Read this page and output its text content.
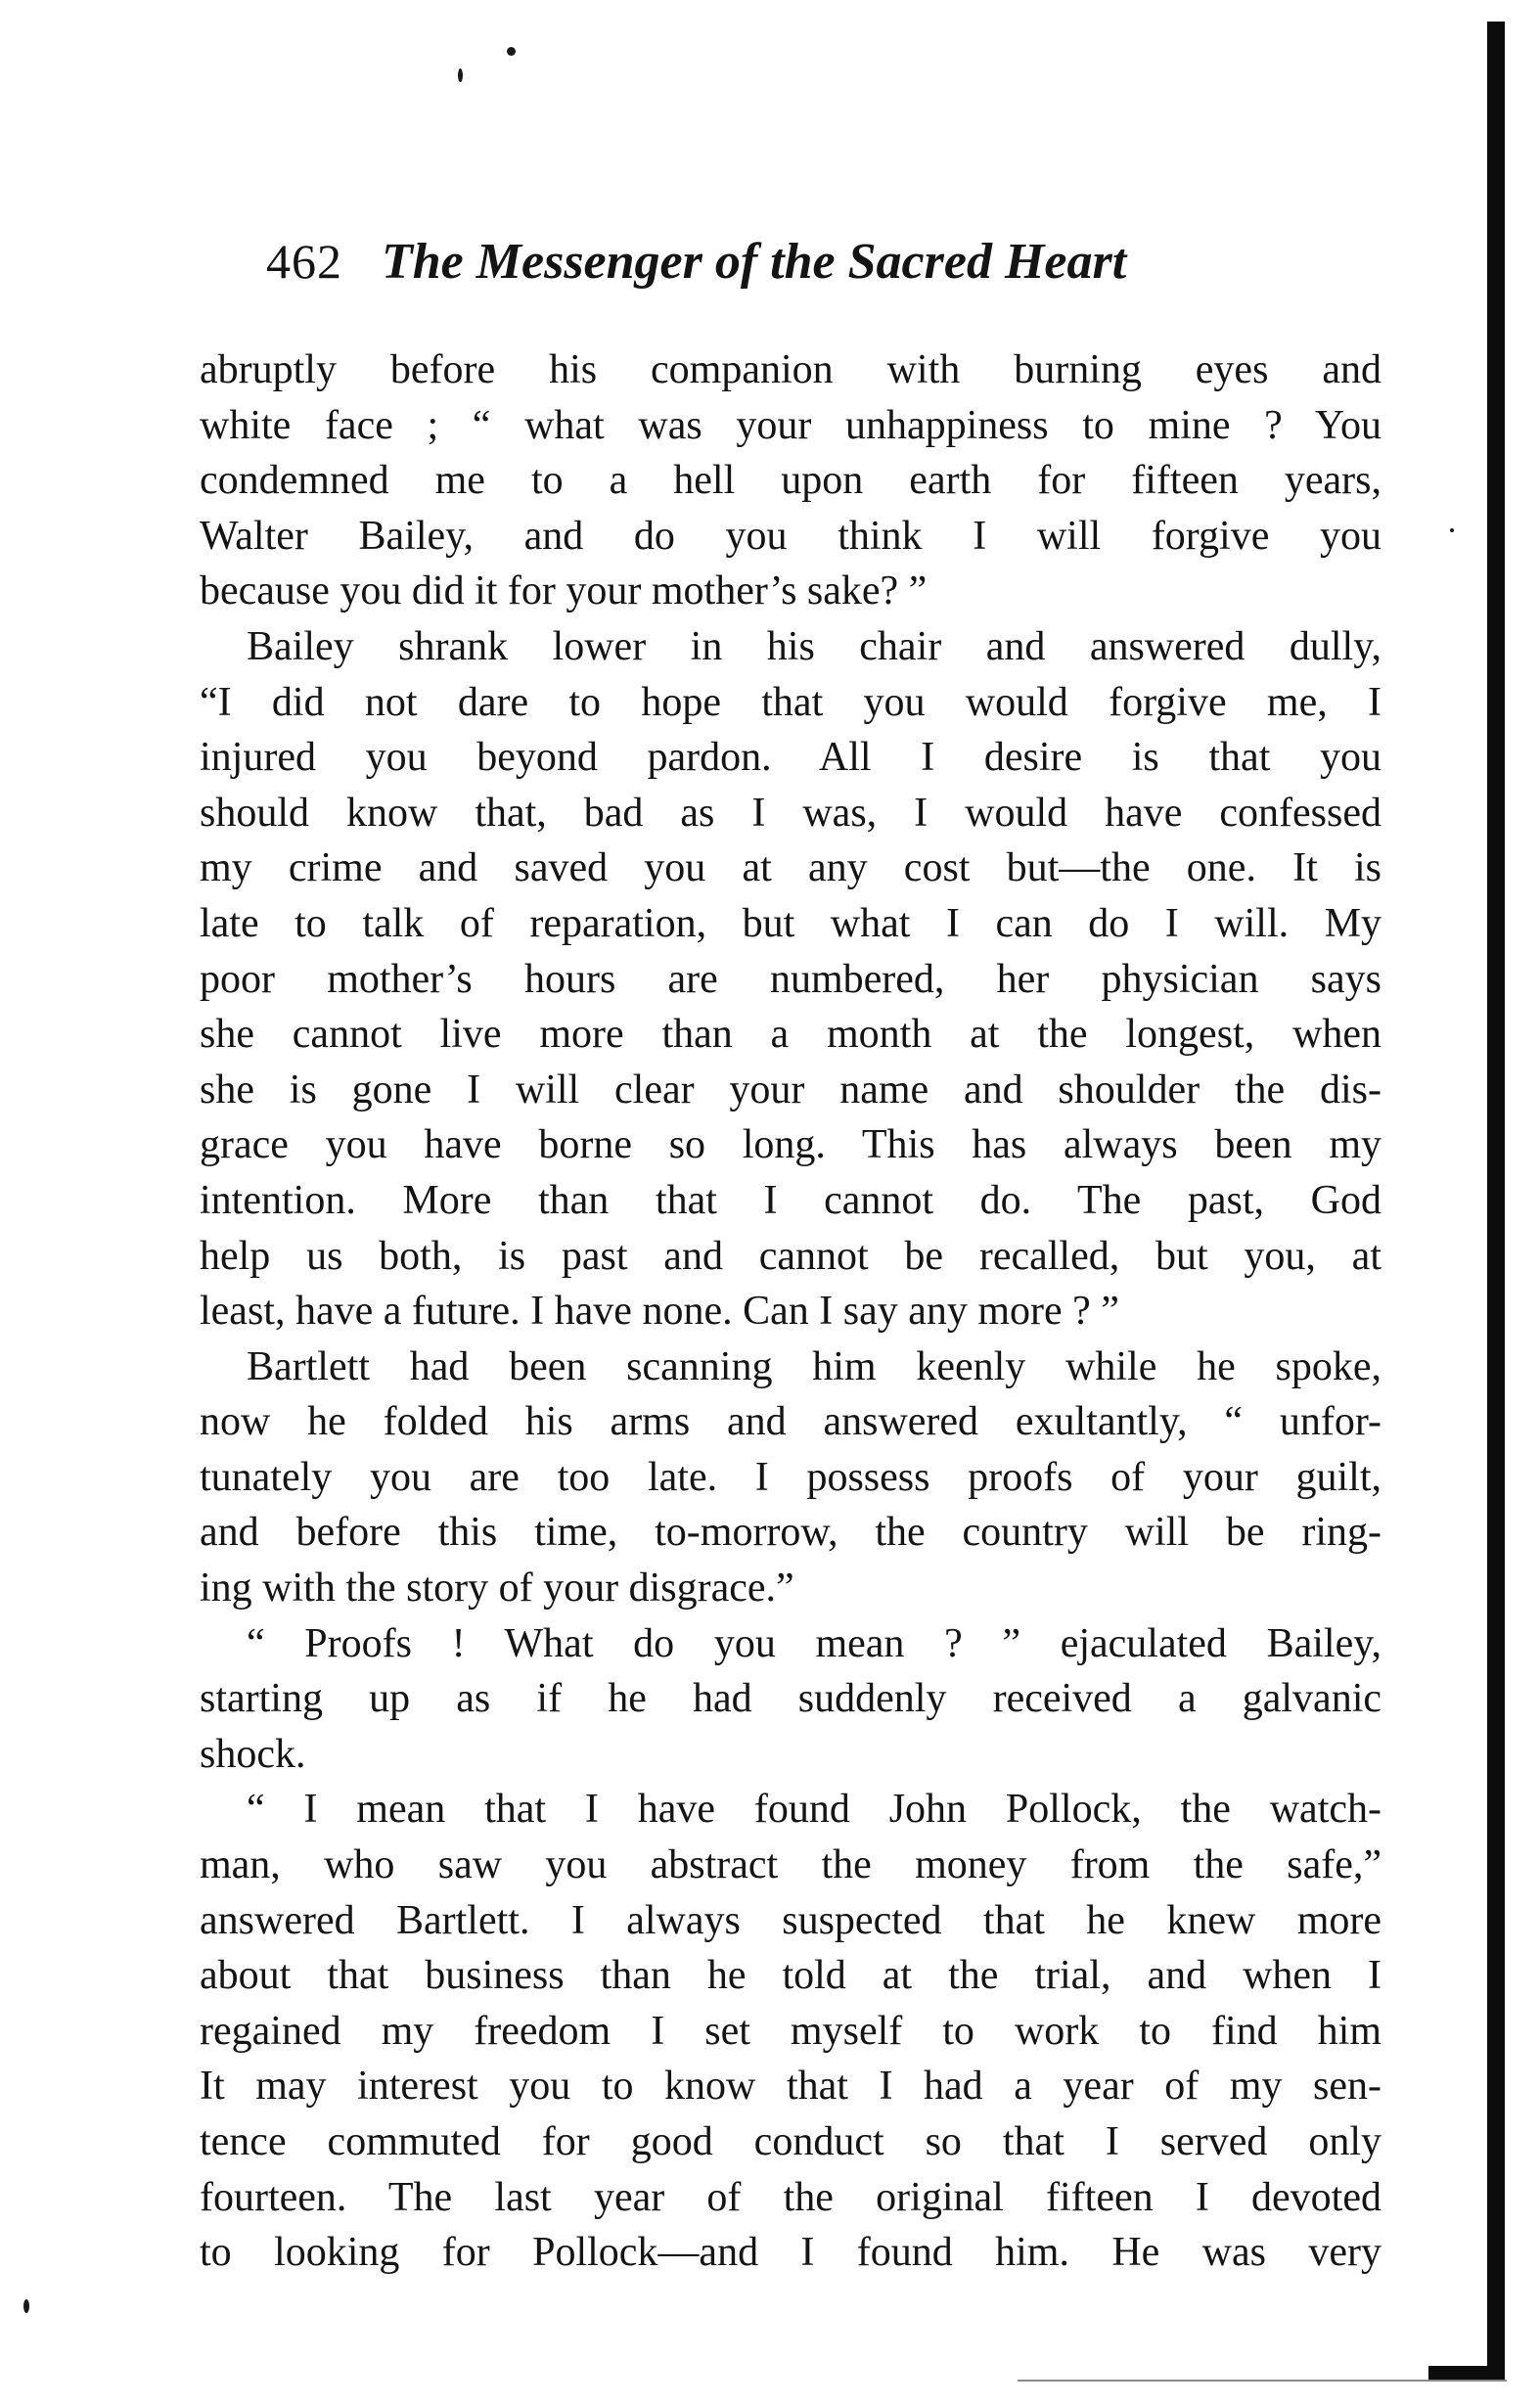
462 The Messenger of the Sacred Heart
abruptly before his companion with burning eyes and
white face ; “ what was your unhappiness to mine ? You
condemned me to a hell upon earth for fifteen years,
Walter Bailey, and do you think I will forgive you
because you did it for your mother’s sake? ”
Bailey shrank lower in his chair and answered dully,
“I did not dare to hope that you would forgive me, I
injured you beyond pardon. All I desire is that you
should know that, bad as I was, I would have confessed
my crime and saved you at any cost but—the one. It is
late to talk of reparation, but what I can do I will. My
poor mother’s hours are numbered, her physician says
she cannot live more than a month at the longest, when
she is gone I will clear your name and shoulder the dis-
grace you have borne so long. This has always been my
intention. More than that I cannot do. The past, God
help us both, is past and cannot be recalled, but you, at
least, have a future. I have none. Can I say any more ? ”
Bartlett had been scanning him keenly while he spoke,
now he folded his arms and answered exultantly, “ unfor-
tunately you are too late. I possess proofs of your guilt,
and before this time, to-morrow, the country will be ring-
ing with the story of your disgrace.”
“ Proofs ! What do you mean ? ” ejaculated Bailey,
starting up as if he had suddenly received a galvanic
shock.
“ I mean that I have found John Pollock, the watch-
man, who saw you abstract the money from the safe,”
answered Bartlett. I always suspected that he knew more
about that business than he told at the trial, and when I
regained my freedom I set myself to work to find him
It may interest you to know that I had a year of my sen-
tence commuted for good conduct so that I served only
fourteen. The last year of the original fifteen I devoted
to looking for Pollock—and I found him. He was very
